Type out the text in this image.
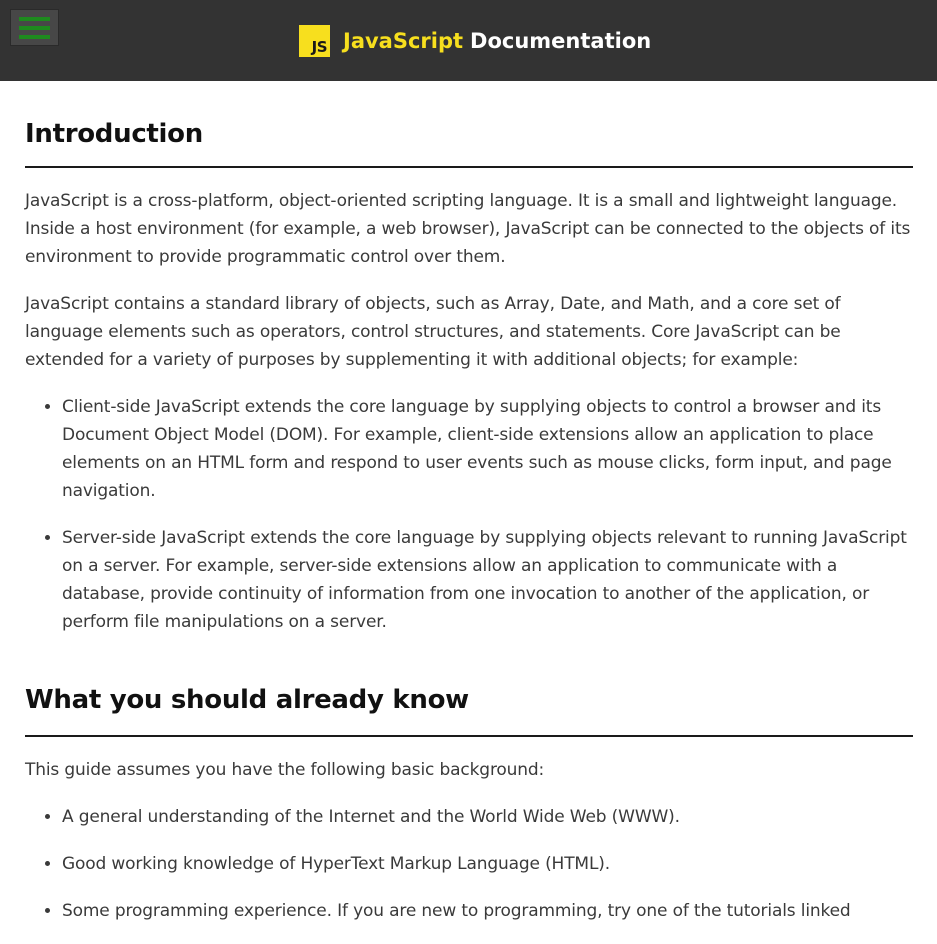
JS JavaScript Documentation
Introduction

JavaScript is a cross-platform, object-oriented scripting language. It is a small and lightweight language. Inside a host environment (for example, a web browser), JavaScript can be connected to the objects of its environment to provide programmatic control over them.

JavaScript contains a standard library of objects, such as Array, Date, and Math, and a core set of language elements such as operators, control structures, and statements. Core JavaScript can be extended for a variety of purposes by supplementing it with additional objects; for example:

• Client-side JavaScript extends the core language by supplying objects to control a browser and its Document Object Model (DOM). For example, client-side extensions allow an application to place elements on an HTML form and respond to user events such as mouse clicks, form input, and page navigation.
• Server-side JavaScript extends the core language by supplying objects relevant to running JavaScript on a server. For example, server-side extensions allow an application to communicate with a database, provide continuity of information from one invocation to another of the application, or perform file manipulations on a server.
What you should already know

This guide assumes you have the following basic background:

• A general understanding of the Internet and the World Wide Web (WWW).
• Good working knowledge of HyperText Markup Language (HTML).
• Some programming experience. If you are new to programming, try one of the tutorials linked
